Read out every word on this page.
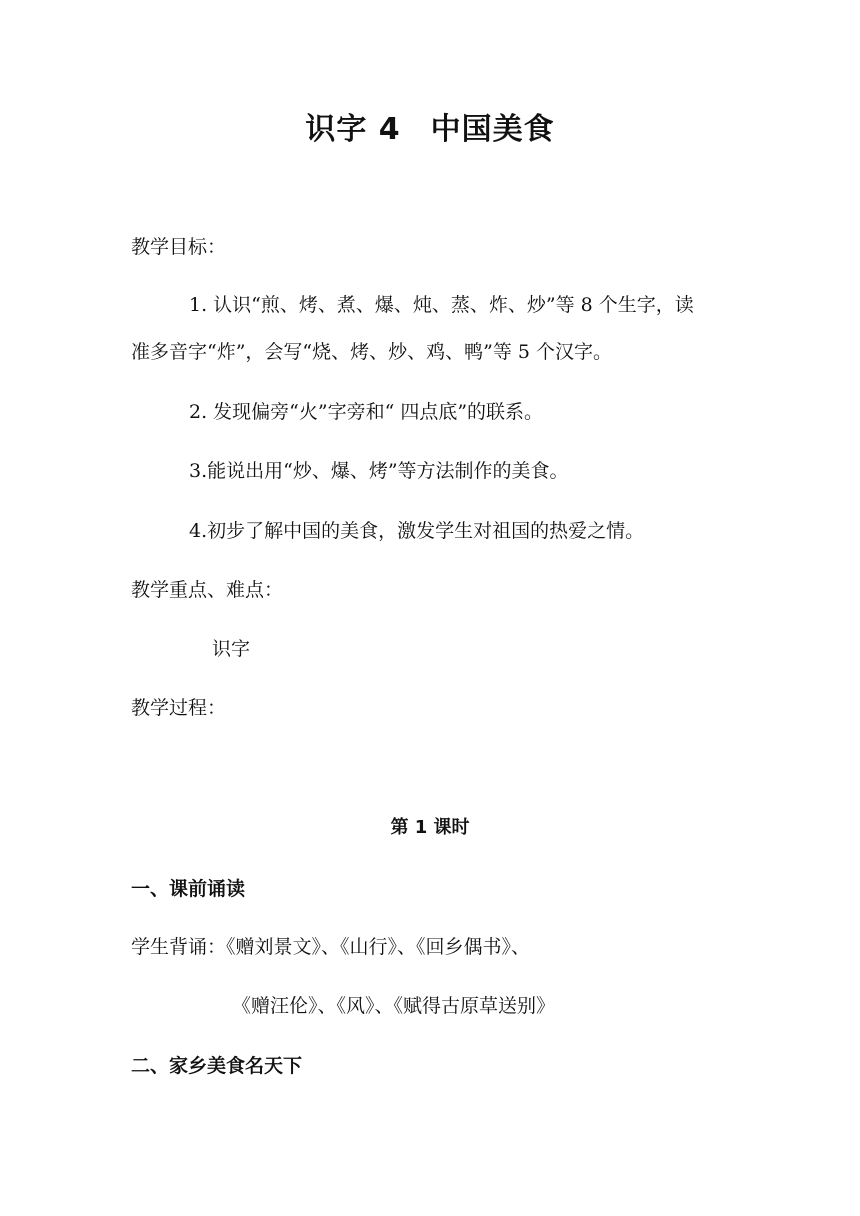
识字 4 中国美食
教学目标：
1. 认识“煎、烤、煮、爆、炖、蒸、炸、炒”等 8 个生字，读
准多音字“炸”，会写“烧、烤、炒、鸡、鸭”等 5 个汉字。
2. 发现偏旁“火”字旁和“ 四点底”的联系。
3.能说出用“炒、爆、烤”等方法制作的美食。
4.初步了解中国的美食，激发学生对祖国的热爱之情。
教学重点、难点：
识字
教学过程：
第 1 课时
一、课前诵读
学生背诵：《赠刘景文》、《山行》、《回乡偶书》、
《赠汪伦》、《风》、《赋得古原草送别》
二、家乡美食名天下
